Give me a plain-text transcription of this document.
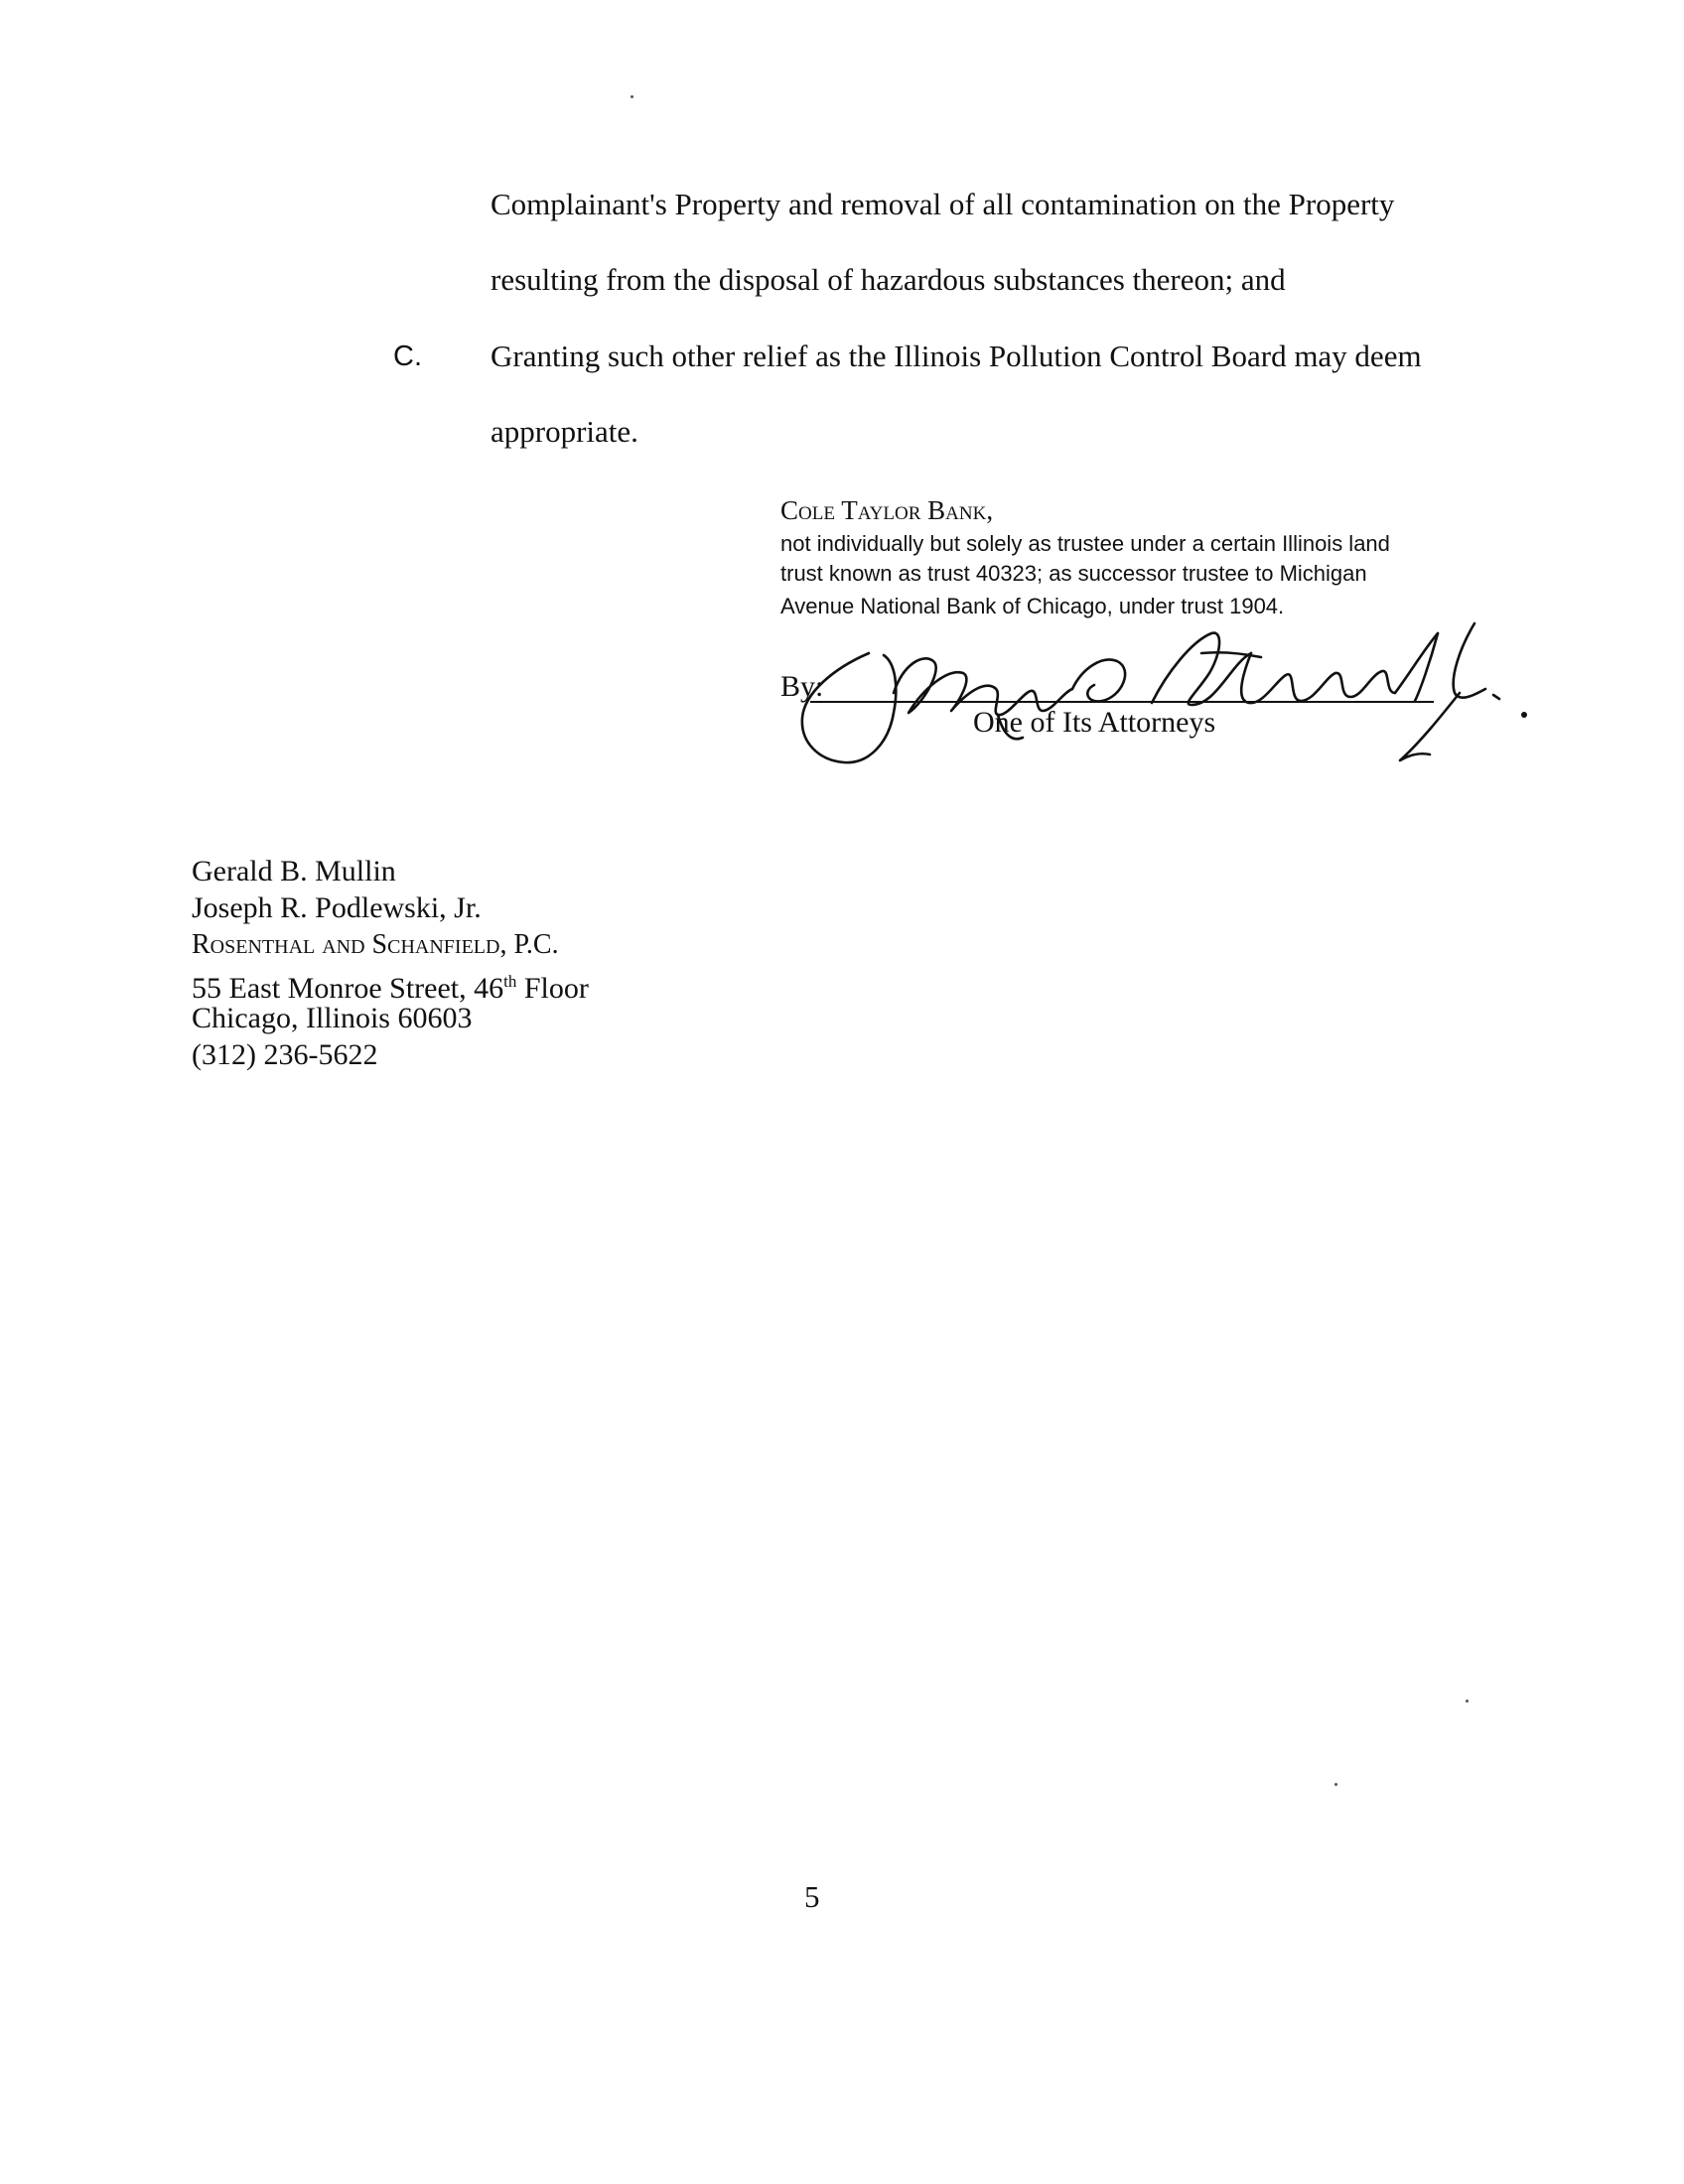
Complainant's Property and removal of all contamination on the Property
resulting from the disposal of hazardous substances thereon; and
C. Granting such other relief as the Illinois Pollution Control Board may deem
appropriate.
Cole Taylor Bank,
not individually but solely as trustee under a certain Illinois land
trust known as trust 40323; as successor trustee to Michigan
Avenue National Bank of Chicago, under trust 1904.
By:
One of Its Attorneys
Gerald B. Mullin
Joseph R. Podlewski, Jr.
Rosenthal and Schanfield, P.C.
55 East Monroe Street, 46th Floor
Chicago, Illinois 60603
(312) 236-5622
5
